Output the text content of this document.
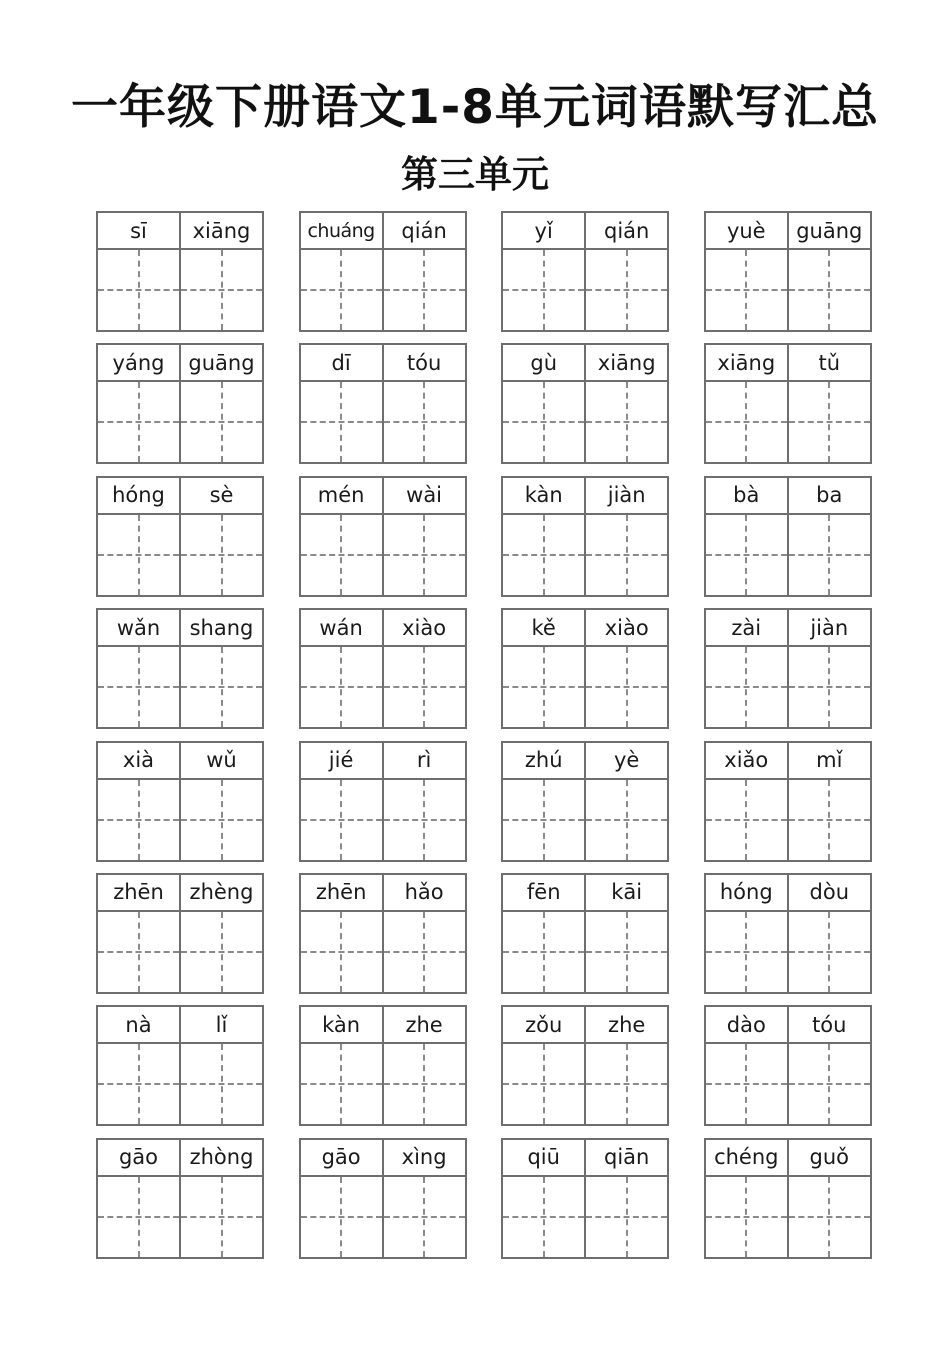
一年级下册语文1-8单元词语默写汇总
第三单元
sī	xiāng	chuáng	qián	yǐ	qián	yuè	guāng
yáng	guāng	dī	tóu	gù	xiāng	xiāng	tǔ
hóng	sè	mén	wài	kàn	jiàn	bà	ba
wǎn	shang	wán	xiào	kě	xiào	zài	jiàn
xià	wǔ	jié	rì	zhú	yè	xiǎo	mǐ
zhēn	zhèng	zhēn	hǎo	fēn	kāi	hóng	dòu
nà	lǐ	kàn	zhe	zǒu	zhe	dào	tóu
gāo	zhòng	gāo	xìng	qiū	qiān	chéng	guǒ
